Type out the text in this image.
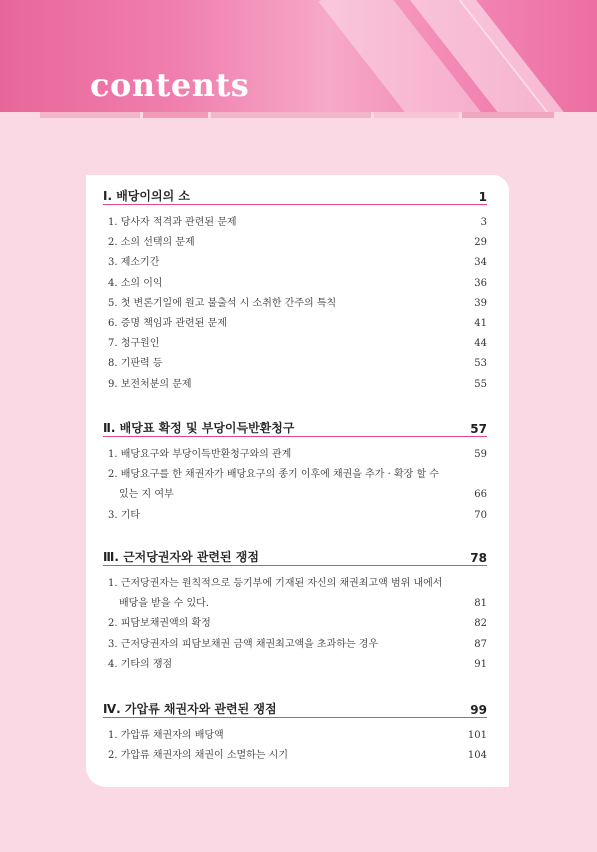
contents
Ⅰ. 배당이의의 소	1
1. 당사자 적격과 관련된 문제	3
2. 소의 선택의 문제	29
3. 제소기간	34
4. 소의 이익	36
5. 첫 변론기일에 원고 불출석 시 소취한 간주의 특칙	39
6. 증명 책임과 관련된 문제	41
7. 청구원인	44
8. 기판력 등	53
9. 보전처분의 문제	55
Ⅱ. 배당표 확정 및 부당이득반환청구	57
1. 배당요구와 부당이득반환청구와의 관계	59
2. 배당요구를 한 채권자가 배당요구의 종기 이후에 채권을 추가 · 확장 할 수
있는 지 여부	66
3. 기타	70
Ⅲ. 근저당권자와 관련된 쟁점	78
1. 근저당권자는 원칙적으로 등기부에 기재된 자신의 채권최고액 범위 내에서
배당을 받을 수 있다.	81
2. 피담보채권액의 확정	82
3. 근저당권자의 피담보채권 금액 채권최고액을 초과하는 경우	87
4. 기타의 쟁점	91
Ⅳ. 가압류 채권자와 관련된 쟁점	99
1. 가압류 채권자의 배당액	101
2. 가압류 채권자의 채권이 소멸하는 시기	104
